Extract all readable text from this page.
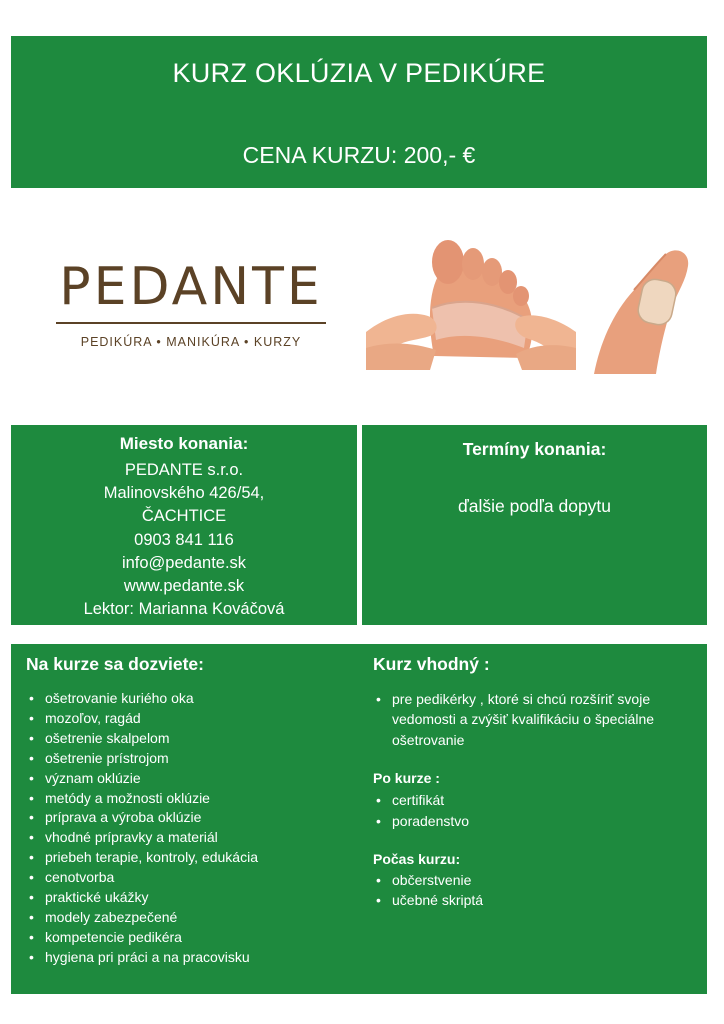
KURZ OKLÚZIA V PEDIKÚRE
CENA KURZU: 200,- €
PEDANTE
PEDIKÚRA • MANIKÚRA • KURZY
Miesto konania:
PEDANTE s.r.o.
Malinovského 426/54,
ČACHTICE
0903 841 116
info@pedante.sk
www.pedante.sk
Lektor: Marianna Kováčová
Termíny konania:
ďalšie podľa dopytu
Na kurze sa dozviete:
• ošetrovanie kuriého oka
• mozoľov, ragád
• ošetrenie skalpelom
• ošetrenie prístrojom
• význam oklúzie
• metódy a možnosti oklúzie
• príprava a výroba oklúzie
• vhodné prípravky a materiál
• priebeh terapie, kontroly, edukácia
• cenotvorba
• praktické ukážky
• modely zabezpečené
• kompetencie pedikéra
• hygiena pri práci a na pracovisku
Kurz vhodný :
• pre pedikérky , ktoré si chcú rozšíriť svoje vedomosti a zvýšiť kvalifikáciu o špeciálne ošetrovanie
Po kurze :
• certifikát
• poradenstvo
Počas kurzu:
• občerstvenie
• učebné skriptá
